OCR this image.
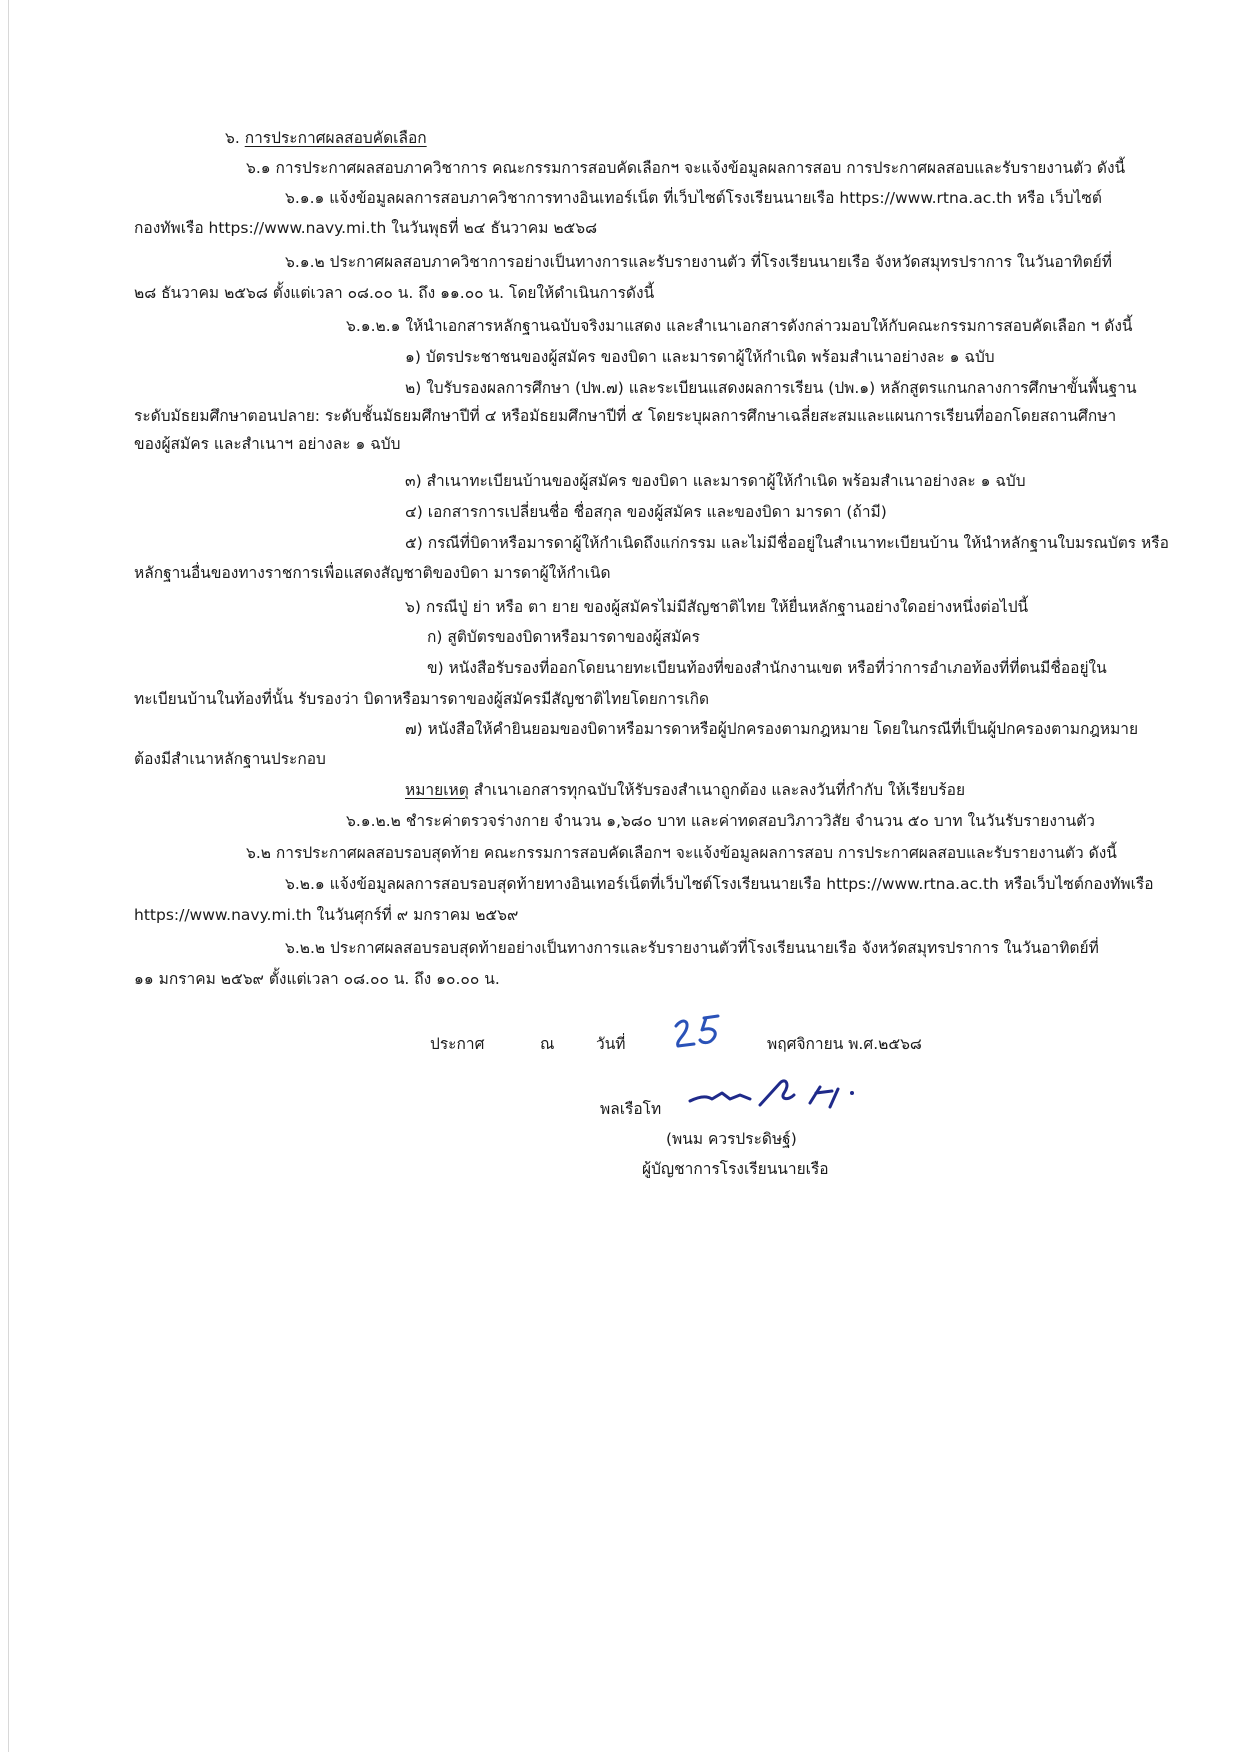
๖. การประกาศผลสอบคัดเลือก
๖.๑ การประกาศผลสอบภาควิชาการ คณะกรรมการสอบคัดเลือกฯ จะแจ้งข้อมูลผลการสอบ การประกาศผลสอบและรับรายงานตัว ดังนี้
๖.๑.๑ แจ้งข้อมูลผลการสอบภาควิชาการทางอินเทอร์เน็ต ที่เว็บไซต์โรงเรียนนายเรือ https://www.rtna.ac.th หรือ เว็บไซต์
กองทัพเรือ https://www.navy.mi.th ในวันพุธที่ ๒๔ ธันวาคม ๒๕๖๘
๖.๑.๒ ประกาศผลสอบภาควิชาการอย่างเป็นทางการและรับรายงานตัว ที่โรงเรียนนายเรือ จังหวัดสมุทรปราการ ในวันอาทิตย์ที่
๒๘ ธันวาคม ๒๕๖๘ ตั้งแต่เวลา ๐๘.๐๐ น. ถึง ๑๑.๐๐ น. โดยให้ดำเนินการดังนี้
๖.๑.๒.๑ ให้นำเอกสารหลักฐานฉบับจริงมาแสดง และสำเนาเอกสารดังกล่าวมอบให้กับคณะกรรมการสอบคัดเลือก ฯ ดังนี้
๑) บัตรประชาชนของผู้สมัคร ของบิดา และมารดาผู้ให้กำเนิด พร้อมสำเนาอย่างละ ๑ ฉบับ
๒) ใบรับรองผลการศึกษา (ปพ.๗) และระเบียนแสดงผลการเรียน (ปพ.๑) หลักสูตรแกนกลางการศึกษาขั้นพื้นฐาน
ระดับมัธยมศึกษาตอนปลาย: ระดับชั้นมัธยมศึกษาปีที่ ๔ หรือมัธยมศึกษาปีที่ ๕ โดยระบุผลการศึกษาเฉลี่ยสะสมและแผนการเรียนที่ออกโดยสถานศึกษา
ของผู้สมัคร และสำเนาฯ อย่างละ ๑ ฉบับ
๓) สำเนาทะเบียนบ้านของผู้สมัคร ของบิดา และมารดาผู้ให้กำเนิด พร้อมสำเนาอย่างละ ๑ ฉบับ
๔) เอกสารการเปลี่ยนชื่อ ชื่อสกุล ของผู้สมัคร และของบิดา มารดา (ถ้ามี)
๕) กรณีที่บิดาหรือมารดาผู้ให้กำเนิดถึงแก่กรรม และไม่มีชื่ออยู่ในสำเนาทะเบียนบ้าน ให้นำหลักฐานใบมรณบัตร หรือ
หลักฐานอื่นของทางราชการเพื่อแสดงสัญชาติของบิดา มารดาผู้ให้กำเนิด
๖) กรณีปู่ ย่า หรือ ตา ยาย ของผู้สมัครไม่มีสัญชาติไทย ให้ยื่นหลักฐานอย่างใดอย่างหนึ่งต่อไปนี้
ก) สูติบัตรของบิดาหรือมารดาของผู้สมัคร
ข) หนังสือรับรองที่ออกโดยนายทะเบียนท้องที่ของสำนักงานเขต หรือที่ว่าการอำเภอท้องที่ที่ตนมีชื่ออยู่ใน
ทะเบียนบ้านในท้องที่นั้น รับรองว่า บิดาหรือมารดาของผู้สมัครมีสัญชาติไทยโดยการเกิด
๗) หนังสือให้คำยินยอมของบิดาหรือมารดาหรือผู้ปกครองตามกฎหมาย โดยในกรณีที่เป็นผู้ปกครองตามกฎหมาย
ต้องมีสำเนาหลักฐานประกอบ
หมายเหตุ สำเนาเอกสารทุกฉบับให้รับรองสำเนาถูกต้อง และลงวันที่กำกับ ให้เรียบร้อย
๖.๑.๒.๒ ชำระค่าตรวจร่างกาย จำนวน ๑,๖๘๐ บาท และค่าทดสอบวิภาววิสัย จำนวน ๕๐ บาท ในวันรับรายงานตัว
๖.๒ การประกาศผลสอบรอบสุดท้าย คณะกรรมการสอบคัดเลือกฯ จะแจ้งข้อมูลผลการสอบ การประกาศผลสอบและรับรายงานตัว ดังนี้
๖.๒.๑ แจ้งข้อมูลผลการสอบรอบสุดท้ายทางอินเทอร์เน็ตที่เว็บไซต์โรงเรียนนายเรือ https://www.rtna.ac.th หรือเว็บไซต์กองทัพเรือ
https://www.navy.mi.th ในวันศุกร์ที่ ๙ มกราคม ๒๕๖๙
๖.๒.๒ ประกาศผลสอบรอบสุดท้ายอย่างเป็นทางการและรับรายงานตัวที่โรงเรียนนายเรือ จังหวัดสมุทรปราการ ในวันอาทิตย์ที่
๑๑ มกราคม ๒๕๖๙ ตั้งแต่เวลา ๐๘.๐๐ น. ถึง ๑๐.๐๐ น.
ประกาศ	ณ	วันที่	พฤศจิกายน พ.ศ.๒๕๖๘
พลเรือโท
(พนม ควรประดิษฐ์)
ผู้บัญชาการโรงเรียนนายเรือ
